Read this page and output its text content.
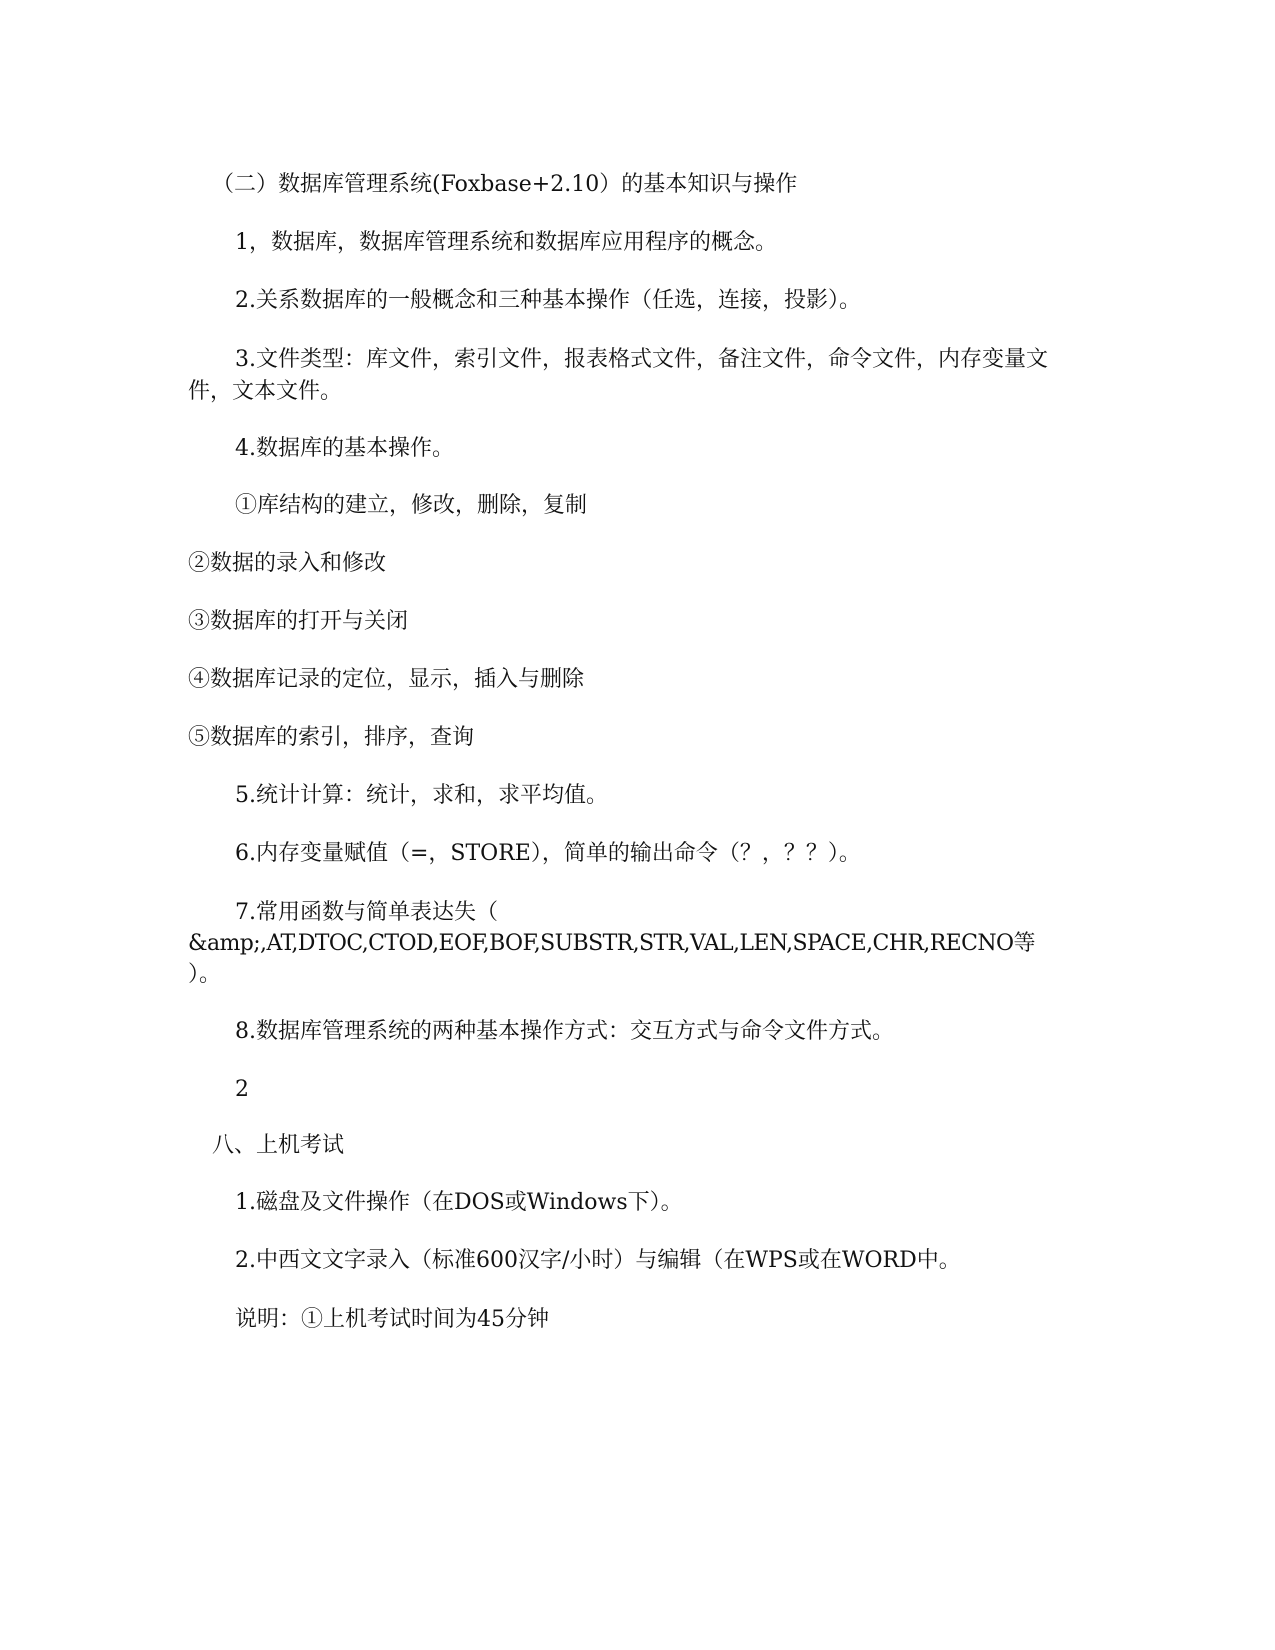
（二）数据库管理系统(Foxbase+2.10）的基本知识与操作

1，数据库，数据库管理系统和数据库应用程序的概念。

2.关系数据库的一般概念和三种基本操作（任选，连接，投影）。

3.文件类型：库文件，索引文件，报表格式文件，备注文件，命令文件，内存变量文件，文本文件。

4.数据库的基本操作。

①库结构的建立，修改，删除，复制

②数据的录入和修改

③数据库的打开与关闭

④数据库记录的定位，显示，插入与删除

⑤数据库的索引，排序，查询

5.统计计算：统计，求和，求平均值。

6.内存变量赋值（=，STORE），简单的输出命令（？，？？）。

7.常用函数与简单表达失（

&amp;,AT,DTOC,CTOD,EOF,BOF,SUBSTR,STR,VAL,LEN,SPACE,CHR,RECNO等

）。

8.数据库管理系统的两种基本操作方式：交互方式与命令文件方式。

2

八、上机考试

1.磁盘及文件操作（在DOS或Windows下）。

2.中西文文字录入（标准600汉字/小时）与编辑（在WPS或在WORD中。

说明：①上机考试时间为45分钟
